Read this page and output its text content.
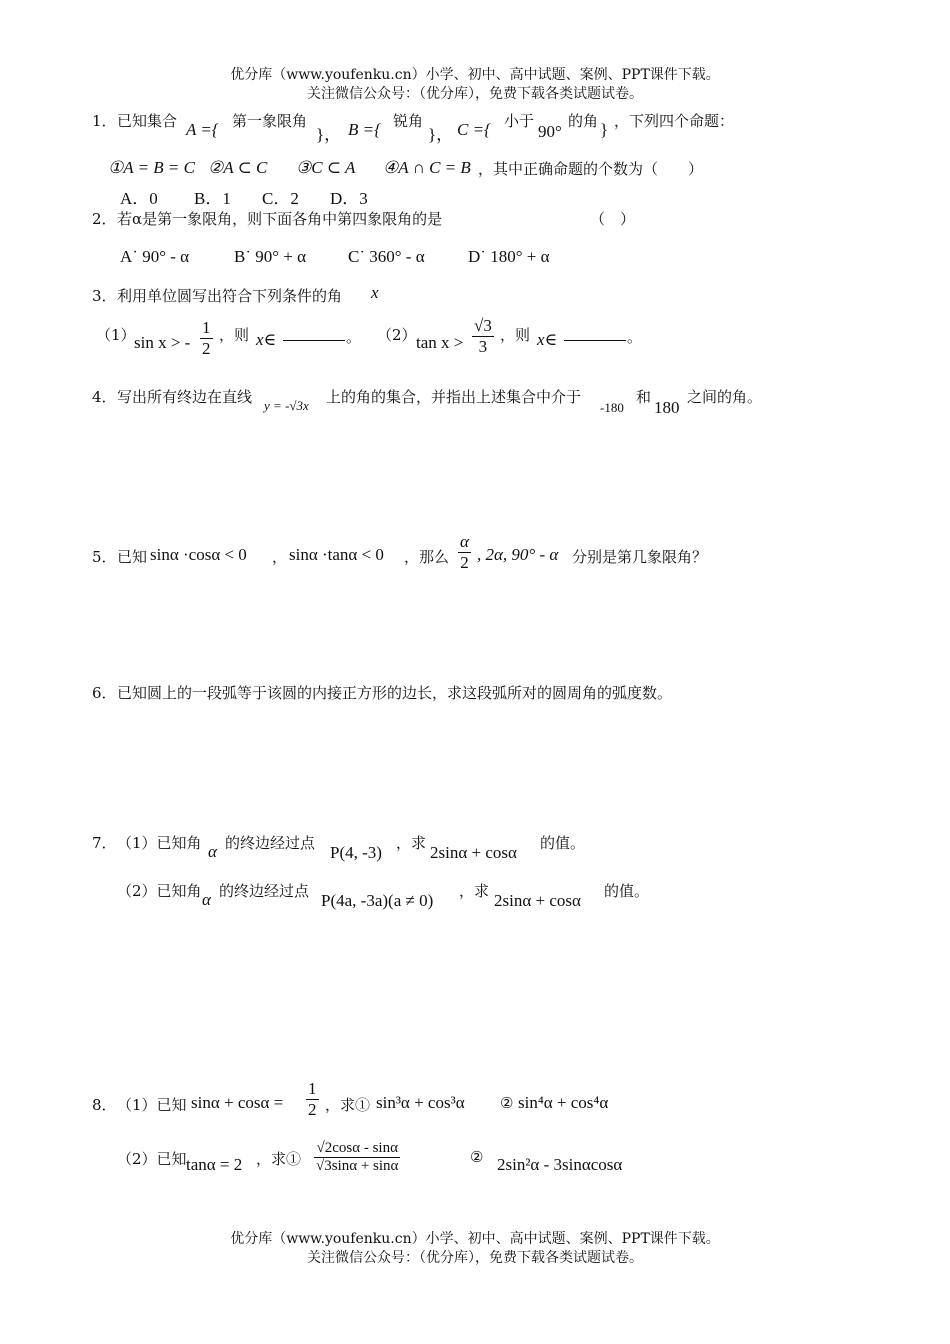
优分库（www.youfenku.cn）小学、初中、高中试题、案例、PPT课件下载。
关注微信公众号：（优分库），免费下载各类试题试卷。
1． 已知集合 A ={ 第一象限角
}， B ={ 锐角
}， C ={ 小于
90°
的角 } ，下列四个命题：
①A = B = C ②A ⊂ C ③C ⊂ A ④A ∩ C = B ，其中正确命题的个数为（　　）
A．0 B．1 C．2 D．3
2． 若α是第一象限角，则下面各角中第四象限角的是	（　）
A˙ 90° - α	B˙ 90° + α C˙ 360° - α	D˙ 180° + α
3． 利用单位圆写出符合下列条件的角 x
（1）
sin x > - $\frac{1}{2}$ ，则 x∈	。 （2） $\tan x > \frac{√3}{3}$ ，则 x∈	。
4． 写出所有终边在直线 y = -√3x 上的角的集合，并指出上述集合中介于
-180
和
180
之间的角。
5． 已知 sinα ·cosα < 0 ， sinα ·tanα < 0 ，那么 $\frac{\alpha}{2}$ , 2α, 90° - α 分别是第几象限角？
6． 已知圆上的一段弧等于该圆的内接正方形的边长，求这段弧所对的圆周角的弧度数。
7． （1）已知角 α 的终边经过点 P(4, -3) ，求 2sinα + cosα 的值。
（2）已知角 α 的终边经过点 P(4a, -3a)(a ≠ 0) ，求 2sinα + cosα 的值。
8． （1）已知 $\sin\alpha + \cos\alpha = \frac{1}{2}$ ，求① sin³α + cos³α ② sin⁴α + cos⁴α
（2）已知 tanα = 2 ，求① $\frac{√2\cos\alpha - \sin\alpha}{√3\sin\alpha + \sin\alpha}$	② 2sin²α - 3sinαcosα
优分库（www.youfenku.cn）小学、初中、高中试题、案例、PPT课件下载。
关注微信公众号：（优分库），免费下载各类试题试卷。
